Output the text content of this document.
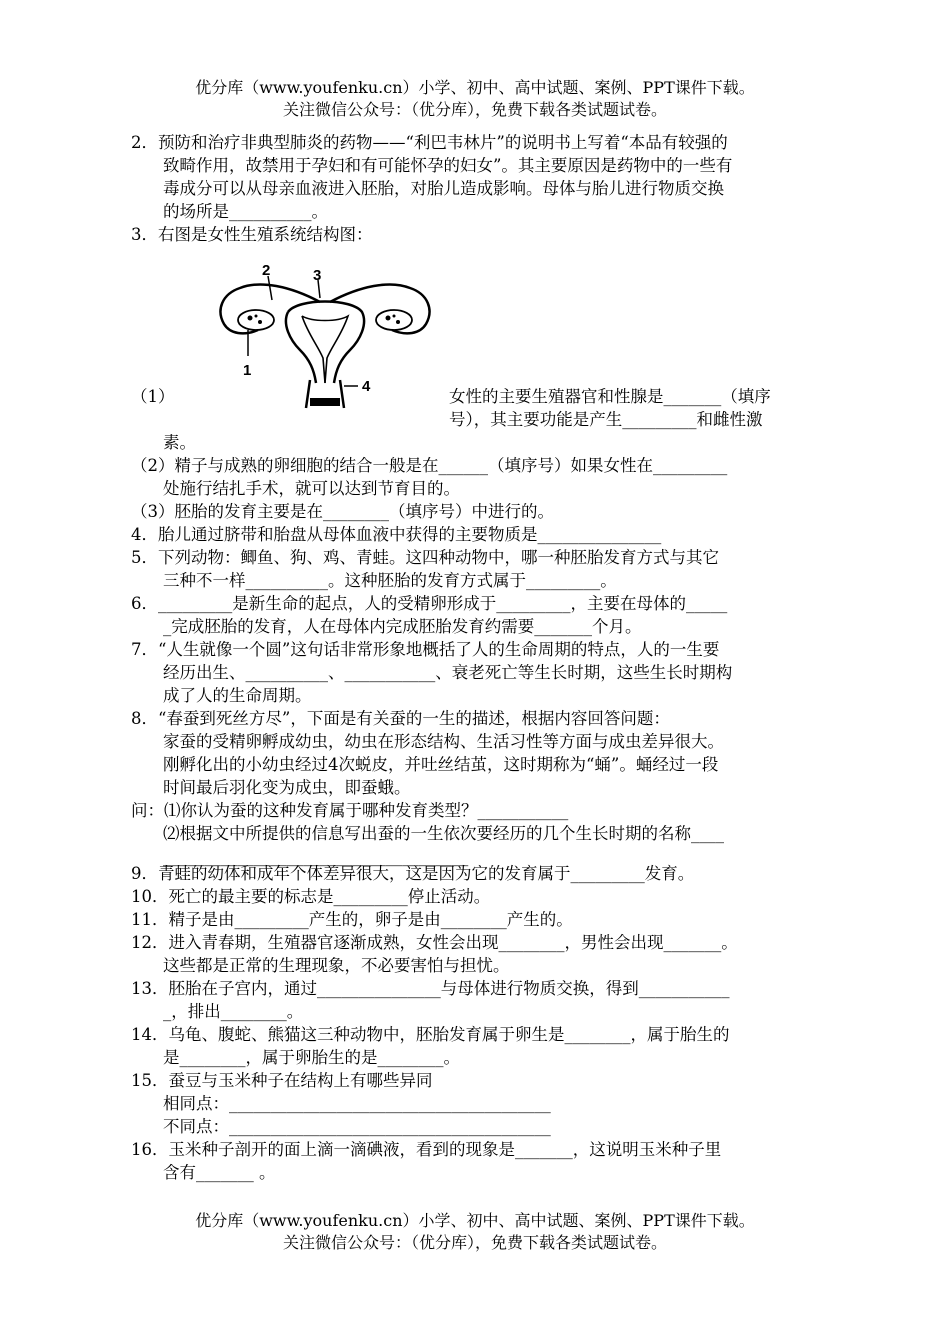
优分库（www.youfenku.cn）小学、初中、高中试题、案例、PPT课件下载。
关注微信公众号：（优分库），免费下载各类试题试卷。
2．预防和治疗非典型肺炎的药物——“利巴韦林片”的说明书上写着“本品有较强的
致畸作用，故禁用于孕妇和有可能怀孕的妇女”。其主要原因是药物中的一些有
毒成分可以从母亲血液进入胚胎，对胎儿造成影响。母体与胎儿进行物质交换
的场所是__________。
3．右图是女性生殖系统结构图：
2	3
1
4
（1）	女性的主要生殖器官和性腺是_______（填序
号），其主要功能是产生_________和雌性激
素。
（2）精子与成熟的卵细胞的结合一般是在______（填序号）如果女性在_________
处施行结扎手术，就可以达到节育目的。
（3）胚胎的发育主要是在________（填序号）中进行的。
4．胎儿通过脐带和胎盘从母体血液中获得的主要物质是_______________
5．下列动物：鲫鱼、狗、鸡、青蛙。这四种动物中，哪一种胚胎发育方式与其它
三种不一样__________。这种胚胎的发育方式属于_________。
6．_________是新生命的起点，人的受精卵形成于_________，主要在母体的_____
_完成胚胎的发育，人在母体内完成胚胎发育约需要_______个月。
7．“人生就像一个圆”这句话非常形象地概括了人的生命周期的特点，人的一生要
经历出生、__________、___________、衰老死亡等生长时期，这些生长时期构
成了人的生命周期。
8．“春蚕到死丝方尽”，下面是有关蚕的一生的描述，根据内容回答问题：
家蚕的受精卵孵成幼虫，幼虫在形态结构、生活习性等方面与成虫差异很大。
刚孵化出的小幼虫经过4次蜕皮，并吐丝结茧，这时期称为“蛹”。蛹经过一段
时间最后羽化变为成虫，即蚕蛾。
问：⑴你认为蚕的这种发育属于哪种发育类型？___________
⑵根据文中所提供的信息写出蚕的一生依次要经历的几个生长时期的名称____
_____________________________________
9．青蛙的幼体和成年个体差异很大，这是因为它的发育属于_________发育。
10．死亡的最主要的标志是_________停止活动。
11．精子是由_________产生的，卵子是由________产生的。
12．进入青春期，生殖器官逐渐成熟，女性会出现________，男性会出现_______。
这些都是正常的生理现象，不必要害怕与担忧。
13．胚胎在子宫内，通过_______________与母体进行物质交换，得到___________
_，排出________。
14．乌龟、腹蛇、熊猫这三种动物中，胚胎发育属于卵生是________，属于胎生的
是________，属于卵胎生的是________。
15．蚕豆与玉米种子在结构上有哪些异同
相同点：_______________________________________
不同点：_______________________________________
16．玉米种子剖开的面上滴一滴碘液，看到的现象是_______，这说明玉米种子里
含有_______ 。
优分库（www.youfenku.cn）小学、初中、高中试题、案例、PPT课件下载。
关注微信公众号：（优分库），免费下载各类试题试卷。
